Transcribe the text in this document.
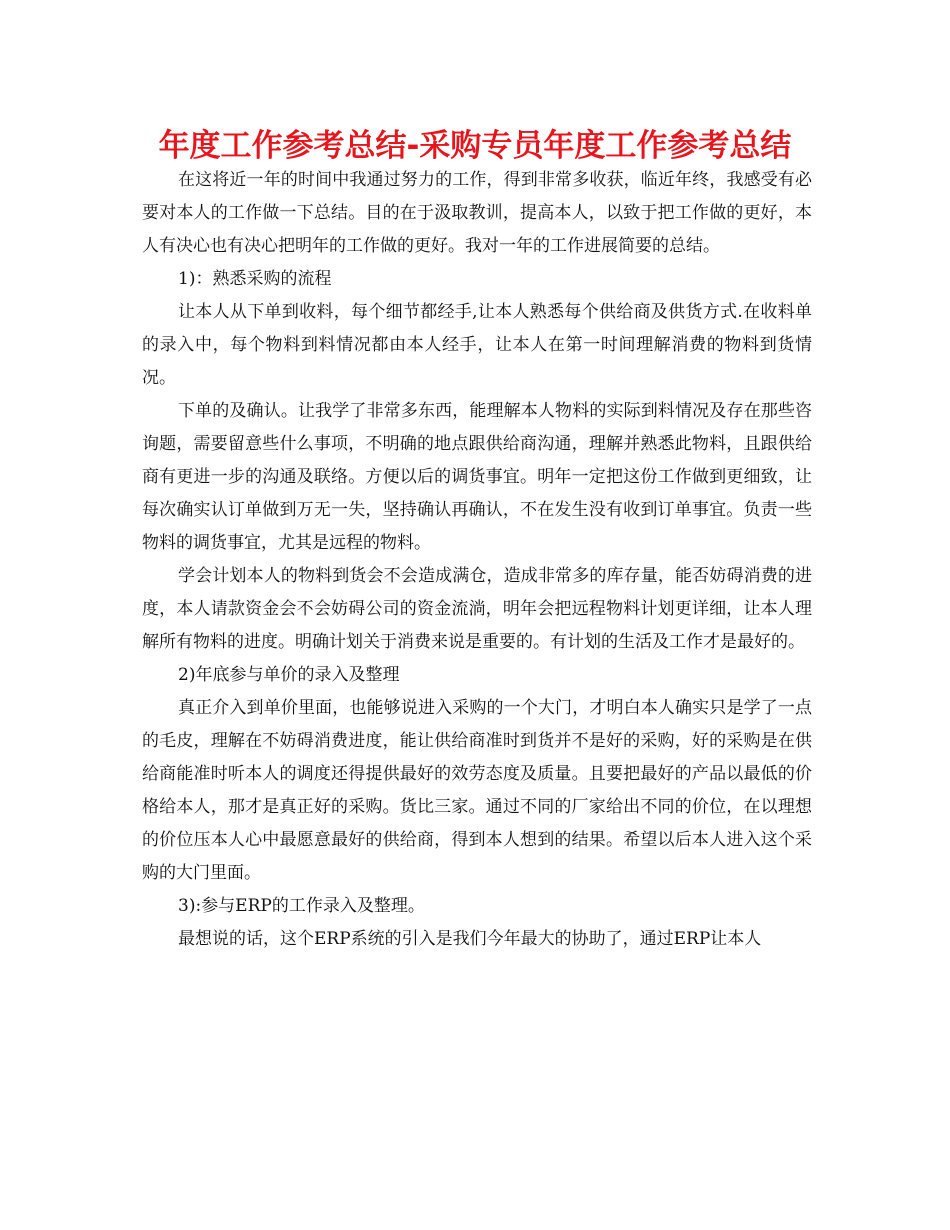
年度工作参考总结-采购专员年度工作参考总结

在这将近一年的时间中我通过努力的工作，得到非常多收获，临近年终，我感受有必要对本人的工作做一下总结。目的在于汲取教训，提高本人，以致于把工作做的更好，本人有决心也有决心把明年的工作做的更好。我对一年的工作进展简要的总结。

1)：熟悉采购的流程

让本人从下单到收料，每个细节都经手,让本人熟悉每个供给商及供货方式.在收料单的录入中，每个物料到料情况都由本人经手，让本人在第一时间理解消费的物料到货情况。

下单的及确认。让我学了非常多东西，能理解本人物料的实际到料情况及存在那些咨询题，需要留意些什么事项，不明确的地点跟供给商沟通，理解并熟悉此物料，且跟供给商有更进一步的沟通及联络。方便以后的调货事宜。明年一定把这份工作做到更细致，让每次确实认订单做到万无一失，坚持确认再确认，不在发生没有收到订单事宜。负责一些物料的调货事宜，尤其是远程的物料。

学会计划本人的物料到货会不会造成满仓，造成非常多的库存量，能否妨碍消费的进度，本人请款资金会不会妨碍公司的资金流淌，明年会把远程物料计划更详细，让本人理解所有物料的进度。明确计划关于消费来说是重要的。有计划的生活及工作才是最好的。

2)年底参与单价的录入及整理

真正介入到单价里面，也能够说进入采购的一个大门，才明白本人确实只是学了一点的毛皮，理解在不妨碍消费进度，能让供给商准时到货并不是好的采购，好的采购是在供给商能准时听本人的调度还得提供最好的效劳态度及质量。且要把最好的产品以最低的价格给本人，那才是真正好的采购。货比三家。通过不同的厂家给出不同的价位，在以理想的价位压本人心中最愿意最好的供给商，得到本人想到的结果。希望以后本人进入这个采购的大门里面。

3):参与ERP的工作录入及整理。

最想说的话，这个ERP系统的引入是我们今年最大的协助了，通过ERP让本人
